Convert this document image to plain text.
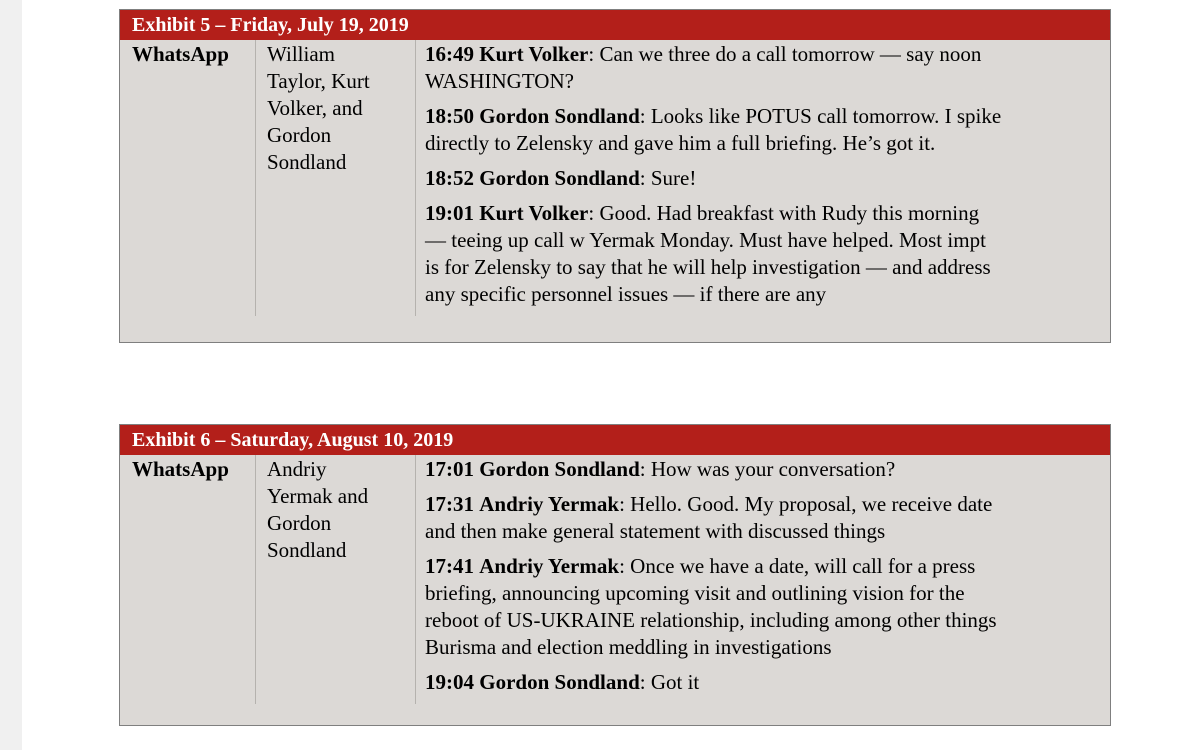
Exhibit 5 – Friday, July 19, 2019
WhatsApp	William
Taylor, Kurt
Volker, and
Gordon
Sondland
16:49 Kurt Volker: Can we three do a call tomorrow — say noon
WASHINGTON?
18:50 Gordon Sondland: Looks like POTUS call tomorrow. I spike
directly to Zelensky and gave him a full briefing. He’s got it.
18:52 Gordon Sondland: Sure!
19:01 Kurt Volker: Good. Had breakfast with Rudy this morning
— teeing up call w Yermak Monday. Must have helped. Most impt
is for Zelensky to say that he will help investigation — and address
any specific personnel issues — if there are any
Exhibit 6 – Saturday, August 10, 2019
WhatsApp	Andriy
Yermak and
Gordon
Sondland
17:01 Gordon Sondland: How was your conversation?
17:31 Andriy Yermak: Hello. Good. My proposal, we receive date
and then make general statement with discussed things
17:41 Andriy Yermak: Once we have a date, will call for a press
briefing, announcing upcoming visit and outlining vision for the
reboot of US-UKRAINE relationship, including among other things
Burisma and election meddling in investigations
19:04 Gordon Sondland: Got it
